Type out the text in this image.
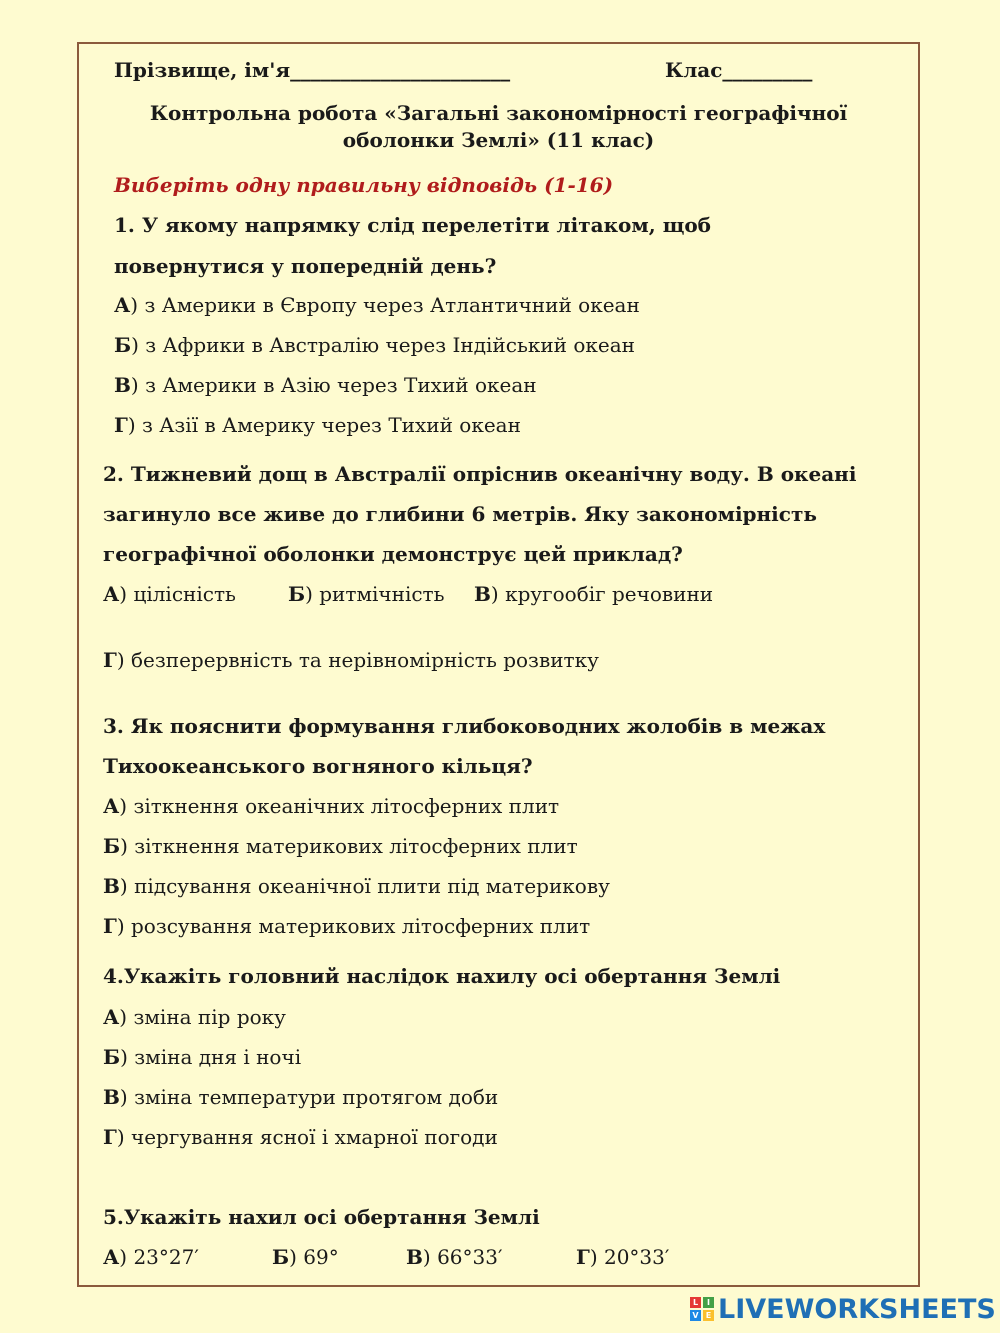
Прізвище, ім'я______________________	Клас_________
Контрольна робота «Загальні закономірності географічної
оболонки Землі» (11 клас)
Виберіть одну правильну відповідь (1-16)
1. У якому напрямку слід перелетіти літаком, щоб
повернутися у попередній день?
А) з Америки в Європу через Атлантичний океан
Б) з Африки в Австралію через Індійський океан
В) з Америки в Азію через Тихий океан
Г) з Азії в Америку через Тихий океан
2. Тижневий дощ в Австралії опріснив океанічну воду. В океані
загинуло все живе до глибини 6 метрів. Яку закономірність
географічної оболонки демонструє цей приклад?
А) цілісність	Б) ритмічність В) кругообіг речовини
Г) безперервність та нерівномірність розвитку
3. Як пояснити формування глибоководних жолобів в межах
Тихоокеанського вогняного кільця?
А) зіткнення океанічних літосферних плит
Б) зіткнення материкових літосферних плит
В) підсування океанічної плити під материкову
Г) розсування материкових літосферних плит
4.Укажіть головний наслідок нахилу осі обертання Землі
А) зміна пір року
Б) зміна дня і ночі
В) зміна температури протягом доби
Г) чергування ясної і хмарної погоди
5.Укажіть нахил осі обертання Землі
А) 23°27′	Б) 69°	В) 66°33′	Г) 20°33′
L	I
V E LIVEWORKSHEETS
